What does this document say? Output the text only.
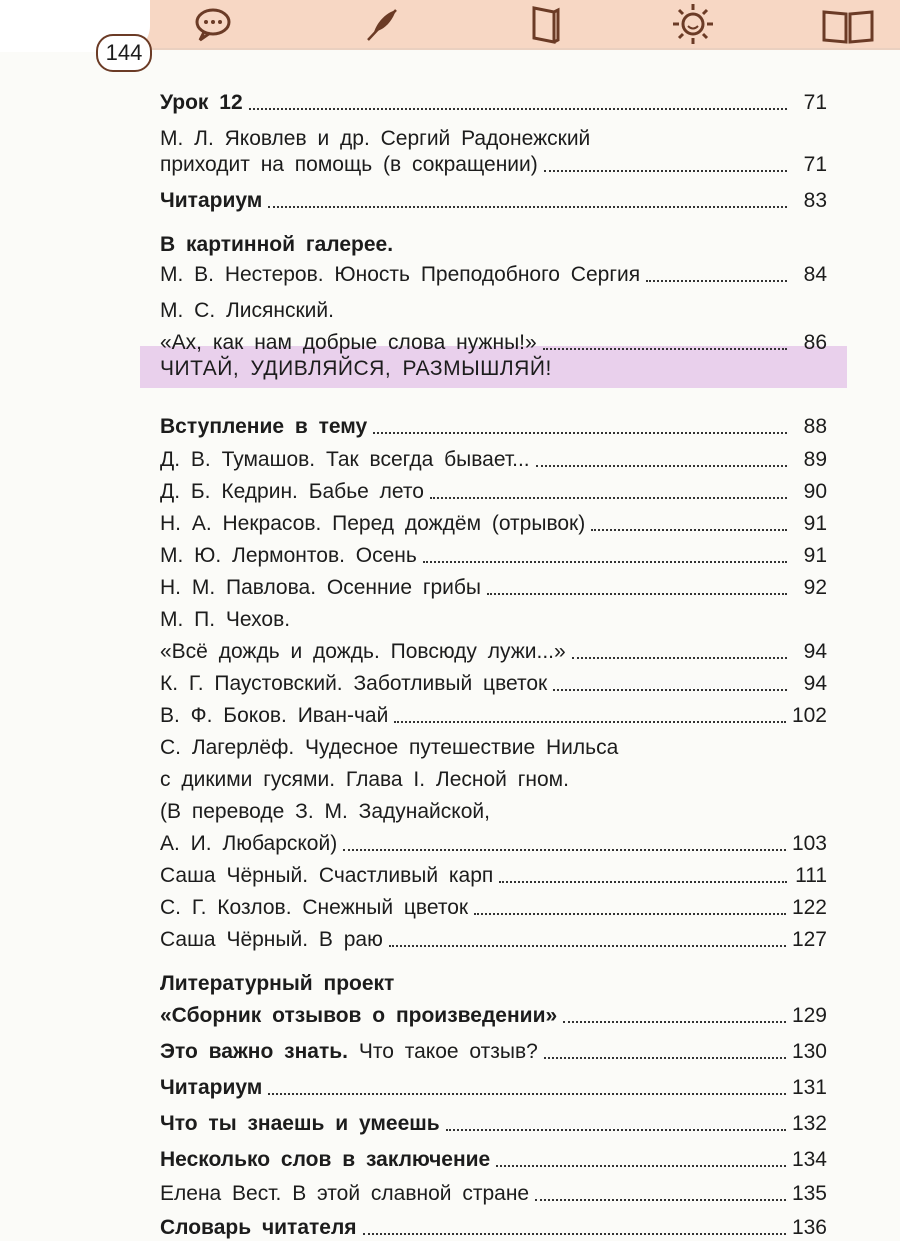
144
ЧИТАЙ, УДИВЛЯЙСЯ, РАЗМЫШЛЯЙ!
Урок 12	71
М. Л. Яковлев и др. Сергий Радонежский
приходит на помощь (в сокращении)	71
Читариум	83
В картинной галерее.
М. В. Нестеров. Юность Преподобного Сергия	84
М. С. Лисянский.
«Ах, как нам добрые слова нужны!»	86
Вступление в тему	88
Д. В. Тумашов. Так всегда бывает...	89
Д. Б. Кедрин. Бабье лето	90
Н. А. Некрасов. Перед дождём (отрывок)	91
М. Ю. Лермонтов. Осень	91
Н. М. Павлова. Осенние грибы	92
М. П. Чехов.
«Всё дождь и дождь. Повсюду лужи...»	94
К. Г. Паустовский. Заботливый цветок	94
В. Ф. Боков. Иван-чай	102
С. Лагерлёф. Чудесное путешествие Нильса
с дикими гусями. Глава I. Лесной гном.
(В переводе З. М. Задунайской,
А. И. Любарской)	103
Саша Чёрный. Счастливый карп	111
С. Г. Козлов. Снежный цветок	122
Саша Чёрный. В раю	127
Литературный проект
«Сборник отзывов о произведении»	129
Это важно знать. Что такое отзыв?	130
Читариум	131
Что ты знаешь и умеешь	132
Несколько слов в заключение	134
Елена Вест. В этой славной стране	135
Словарь читателя	136
